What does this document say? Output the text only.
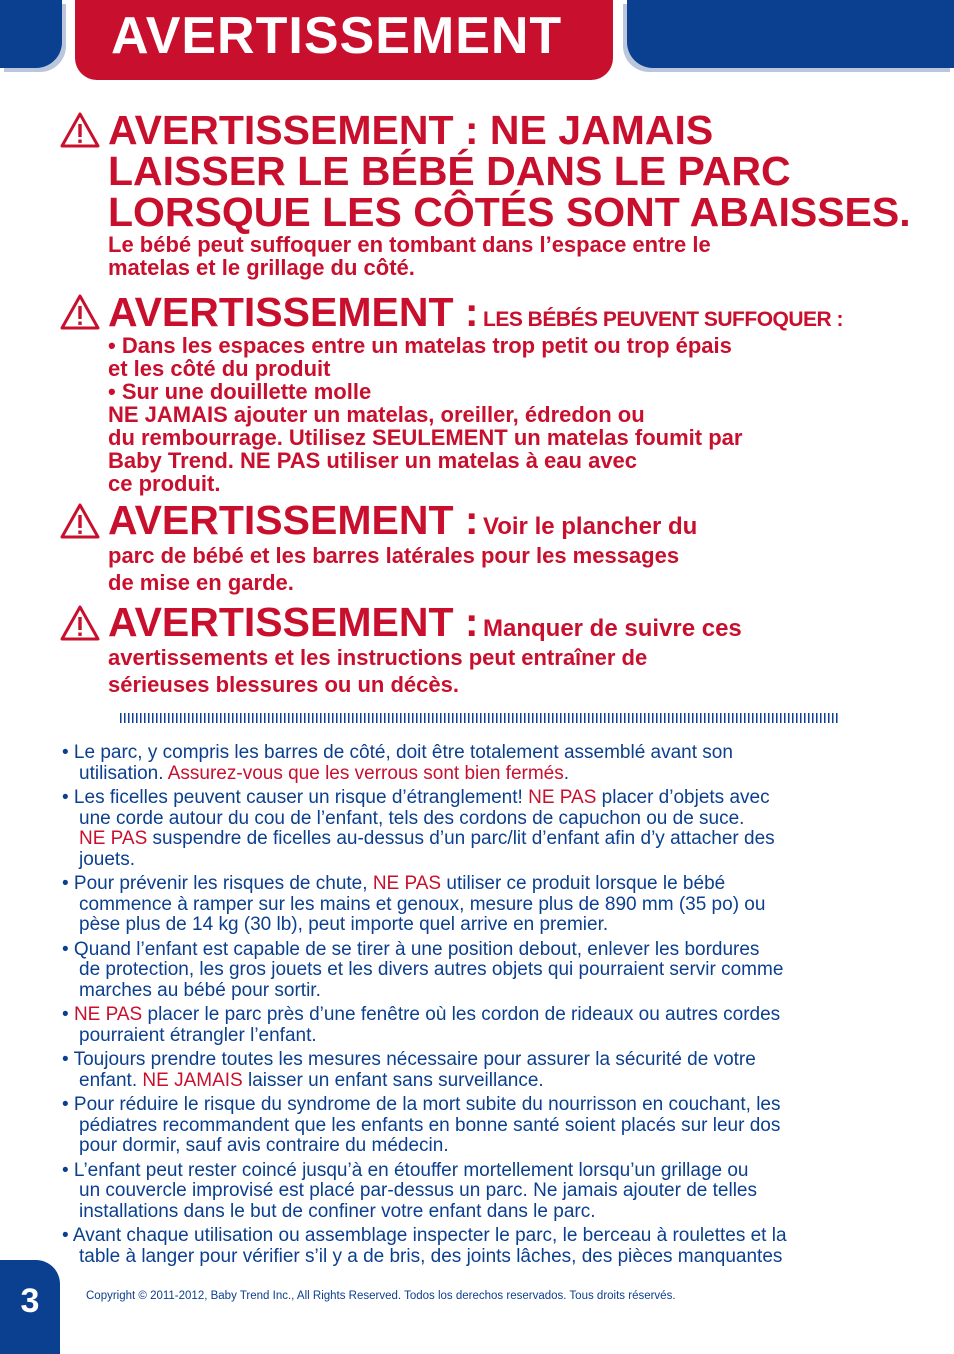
AVERTISSEMENT
AVERTISSEMENT : NE JAMAIS
LAISSER LE BÉBÉ DANS LE PARC
LORSQUE LES CÔTÉS SONT ABAISSES.
Le bébé peut suffoquer en tombant dans l’espace entre le
matelas et le grillage du côté.
AVERTISSEMENT : LES BÉBÉS PEUVENT SUFFOQUER :
• Dans les espaces entre un matelas trop petit ou trop épais
et les côté du produit
• Sur une douillette molle
NE JAMAIS ajouter un matelas, oreiller, édredon ou
du rembourrage. Utilisez SEULEMENT un matelas foumit par
Baby Trend. NE PAS utiliser un matelas à eau avec
ce produit.
AVERTISSEMENT : Voir le plancher du
parc de bébé et les barres latérales pour les messages
de mise en garde.
AVERTISSEMENT : Manquer de suivre ces
avertissements et les instructions peut entraîner de
sérieuses blessures ou un décès.
• Le parc, y compris les barres de côté, doit être totalement assemblé avant son
utilisation. Assurez-vous que les verrous sont bien fermés.
• Les ficelles peuvent causer un risque d’étranglement! NE PAS placer d’objets avec
une corde autour du cou de l’enfant, tels des cordons de capuchon ou de suce.
NE PAS suspendre de ficelles au-dessus d’un parc/lit d’enfant afin d’y attacher des
jouets.
• Pour prévenir les risques de chute, NE PAS utiliser ce produit lorsque le bébé
commence à ramper sur les mains et genoux, mesure plus de 890 mm (35 po) ou
pèse plus de 14 kg (30 lb), peut importe quel arrive en premier.
• Quand l’enfant est capable de se tirer à une position debout, enlever les bordures
de protection, les gros jouets et les divers autres objets qui pourraient servir comme
marches au bébé pour sortir.
• NE PAS placer le parc près d’une fenêtre où les cordon de rideaux ou autres cordes
pourraient étrangler l’enfant.
• Toujours prendre toutes les mesures nécessaire pour assurer la sécurité de votre
enfant. NE JAMAIS laisser un enfant sans surveillance.
• Pour réduire le risque du syndrome de la mort subite du nourrisson en couchant, les
pédiatres recommandent que les enfants en bonne santé soient placés sur leur dos
pour dormir, sauf avis contraire du médecin.
• L’enfant peut rester coincé jusqu’à en étouffer mortellement lorsqu’un grillage ou
un couvercle improvisé est placé par-dessus un parc. Ne jamais ajouter de telles
installations dans le but de confiner votre enfant dans le parc.
• Avant chaque utilisation ou assemblage inspecter le parc, le berceau à roulettes et la
table à langer pour vérifier s’il y a de bris, des joints lâches, des pièces manquantes
3	Copyright © 2011-2012, Baby Trend Inc., All Rights Reserved. Todos los derechos reservados. Tous droits réservés.
